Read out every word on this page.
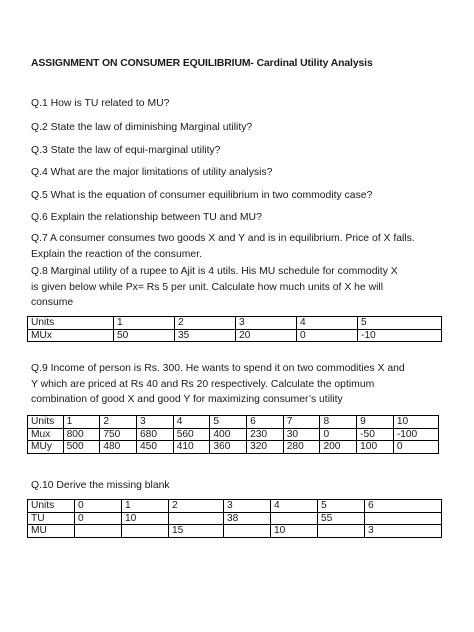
ASSIGNMENT ON CONSUMER EQUILIBRIUM- Cardinal Utility Analysis
Q.1 How is TU related to MU?
Q.2 State the law of diminishing Marginal utility?
Q.3 State the law of equi-marginal utility?
Q.4 What are the major limitations of utility analysis?
Q.5 What is the equation of consumer equilibrium in two commodity case?
Q.6 Explain the relationship between TU and MU?
Q.7 A consumer consumes two goods X and Y and is in equilibrium. Price of X falls.
Explain the reaction of the consumer.
Q.8 Marginal utility of a rupee to Ajit is 4 utils. His MU schedule for commodity X
is given below while Px= Rs 5 per unit. Calculate how much units of X he will
consume
Units	1	2	3	4	5
MUx	50	35	20	0	-10
Q.9 Income of person is Rs. 300. He wants to spend it on two commodities X and
Y which are priced at Rs 40 and Rs 20 respectively. Calculate the optimum
combination of good X and good Y for maximizing consumer’s utility
Units	1	2	3	4	5	6	7	8	9	10
Mux	800	750	680	560	400	230	30	0	-50	-100
MUy	500	480	450	410	360	320	280	200	100	0
Q.10 Derive the missing blank
Units	0	1	2	3	4	5	6
TU	0	10		38		55	
MU			15		10		3
